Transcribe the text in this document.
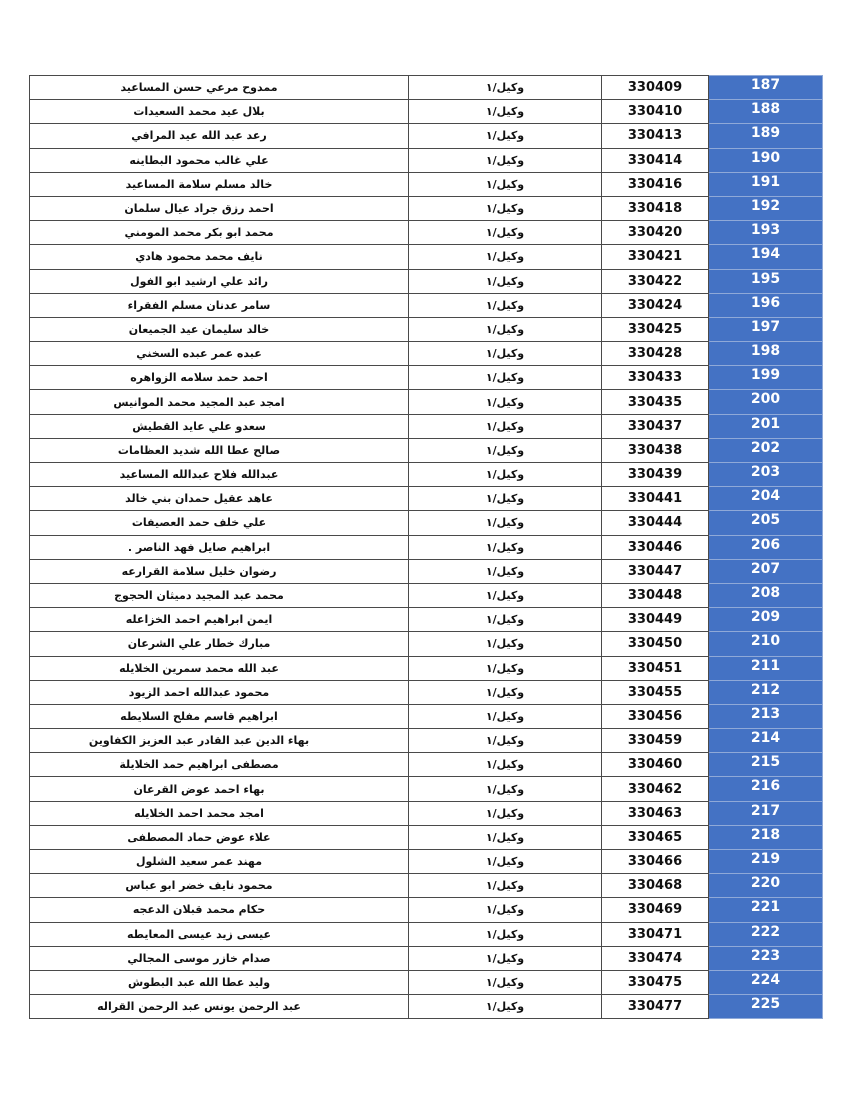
ممدوح مرعي حسن المساعيد	وكيل/١	330409	187
بلال عيد محمد السعيدات	وكيل/١	330410	188
رعد عبد الله عيد المرافي	وكيل/١	330413	189
علي غالب محمود البطاينه	وكيل/١	330414	190
خالد مسلم سلامة المساعيد	وكيل/١	330416	191
احمد رزق جراد عيال سلمان	وكيل/١	330418	192
محمد ابو بكر محمد المومني	وكيل/١	330420	193
نايف محمد محمود هادي	وكيل/١	330421	194
رائد علي ارشيد ابو الفول	وكيل/١	330422	195
سامر عدنان مسلم الفقراء	وكيل/١	330424	196
خالد سليمان عيد الجميعان	وكيل/١	330425	197
عبده عمر عبده السخني	وكيل/١	330428	198
احمد حمد سلامه الزواهره	وكيل/١	330433	199
امجد عبد المجيد محمد الموانيس	وكيل/١	330435	200
سعدو علي عايد القطيش	وكيل/١	330437	201
صالح عطا الله شديد العظامات	وكيل/١	330438	202
عبدالله فلاح عبدالله المساعيد	وكيل/١	330439	203
عاهد عقيل حمدان بني خالد	وكيل/١	330441	204
علي خلف حمد العصيفات	وكيل/١	330444	205
ابراهيم صايل فهد الناصر .	وكيل/١	330446	206
رضوان خليل سلامة القرارعه	وكيل/١	330447	207
محمد عبد المجيد دميثان الحجوج	وكيل/١	330448	208
ايمن ابراهيم احمد الخزاعله	وكيل/١	330449	209
مبارك خطار علي الشرعان	وكيل/١	330450	210
عبد الله محمد سمرين الخلايله	وكيل/١	330451	211
محمود عبدالله احمد الزيود	وكيل/١	330455	212
ابراهيم قاسم مفلح السلايطه	وكيل/١	330456	213
بهاء الدين عبد القادر عبد العزيز الكفاوين	وكيل/١	330459	214
مصطفى ابراهيم حمد الخلايلة	وكيل/١	330460	215
بهاء احمد عوض القرعان	وكيل/١	330462	216
امجد محمد احمد الخلايله	وكيل/١	330463	217
علاء عوض حماد المصطفى	وكيل/١	330465	218
مهند عمر سعيد الشلول	وكيل/١	330466	219
محمود نايف خضر ابو عباس	وكيل/١	330468	220
حكام محمد قبلان الدعجه	وكيل/١	330469	221
عيسى زيد عيسى المعايطه	وكيل/١	330471	222
صدام خازر موسى المجالي	وكيل/١	330474	223
وليد عطا الله عبد البطوش	وكيل/١	330475	224
عبد الرحمن يونس عبد الرحمن القراله	وكيل/١	330477	225
